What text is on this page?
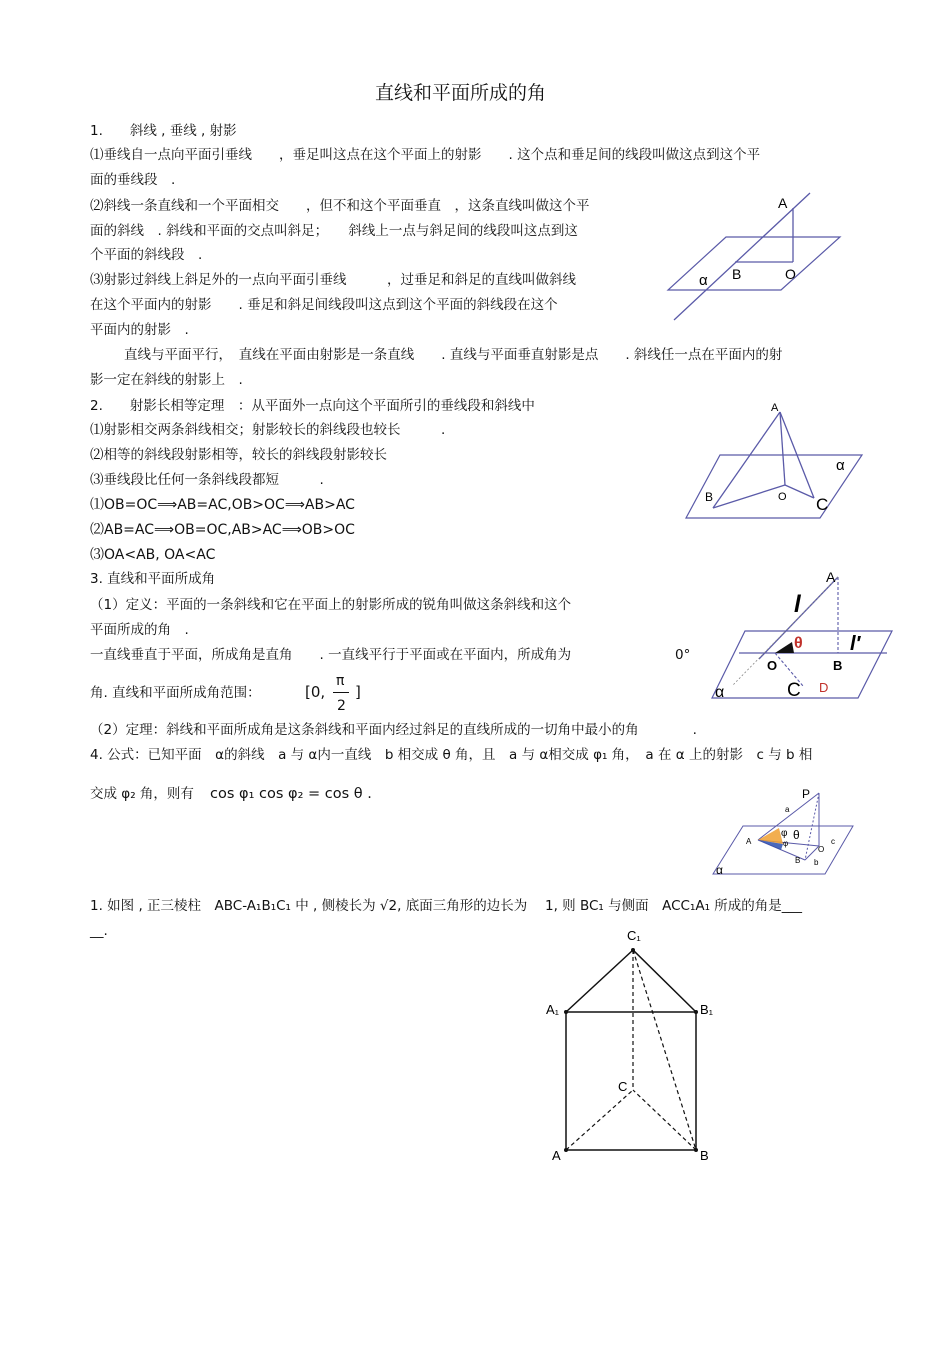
直线和平面所成的角
1.　　斜线 , 垂线 , 射影
⑴垂线自一点向平面引垂线　　，垂足叫这点在这个平面上的射影　　. 这个点和垂足间的线段叫做这点到这个平
面的垂线段　.
⑵斜线一条直线和一个平面相交　　，但不和这个平面垂直　，这条直线叫做这个平
面的斜线　. 斜线和平面的交点叫斜足；　　斜线上一点与斜足间的线段叫这点到这
个平面的斜线段　.
⑶射影过斜线上斜足外的一点向平面引垂线　　　，过垂足和斜足的直线叫做斜线
在这个平面内的射影　　. 垂足和斜足间线段叫这点到这个平面的斜线段在这个
平面内的射影　.
直线与平面平行，　直线在平面由射影是一条直线　　. 直线与平面垂直射影是点　　. 斜线任一点在平面内的射
影一定在斜线的射影上　.
2.　　射影长相等定理　：从平面外一点向这个平面所引的垂线段和斜线中
⑴射影相交两条斜线相交；射影较长的斜线段也较长　　　.
⑵相等的斜线段射影相等，较长的斜线段射影较长
⑶垂线段比任何一条斜线段都短　　　.
⑴OB=OC⟹AB=AC,OB>OC⟹AB>AC
⑵AB=AC⟹OB=OC,AB>AC⟹OB>OC
⑶OA<AB, OA<AC
3. 直线和平面所成角
（1）定义：平面的一条斜线和它在平面上的射影所成的锐角叫做这条斜线和这个
平面所成的角　.
一直线垂直于平面，所成角是直角　　. 一直线平行于平面或在平面内，所成角为	0°
角. 直线和平面所成角范围：	[0,
π
2
]
（2）定理：斜线和平面所成角是这条斜线和平面内经过斜足的直线所成的一切角中最小的角　　　　.
4. 公式：已知平面　α的斜线　a 与 α内一直线　b 相交成 θ 角，且　a 与 α相交成 φ₁ 角，　a 在 α 上的射影　c 与 b 相
交成 φ₂ 角，则有 cos φ₁ cos φ₂ = cos θ .
1. 如图 , 正三棱柱　ABC-A₁B₁C₁ 中 , 侧棱长为 √2, 底面三角形的边长为　 1, 则 BC₁ 与侧面　ACC₁A₁ 所成的角是___
__.
A
B	O
α
A
B	O C
α
A
l
l′
θ
O	B
C D
α
P
a
θ
φ
φ
A
O
c
B b
α
C₁
A₁	B₁
C
A	B
